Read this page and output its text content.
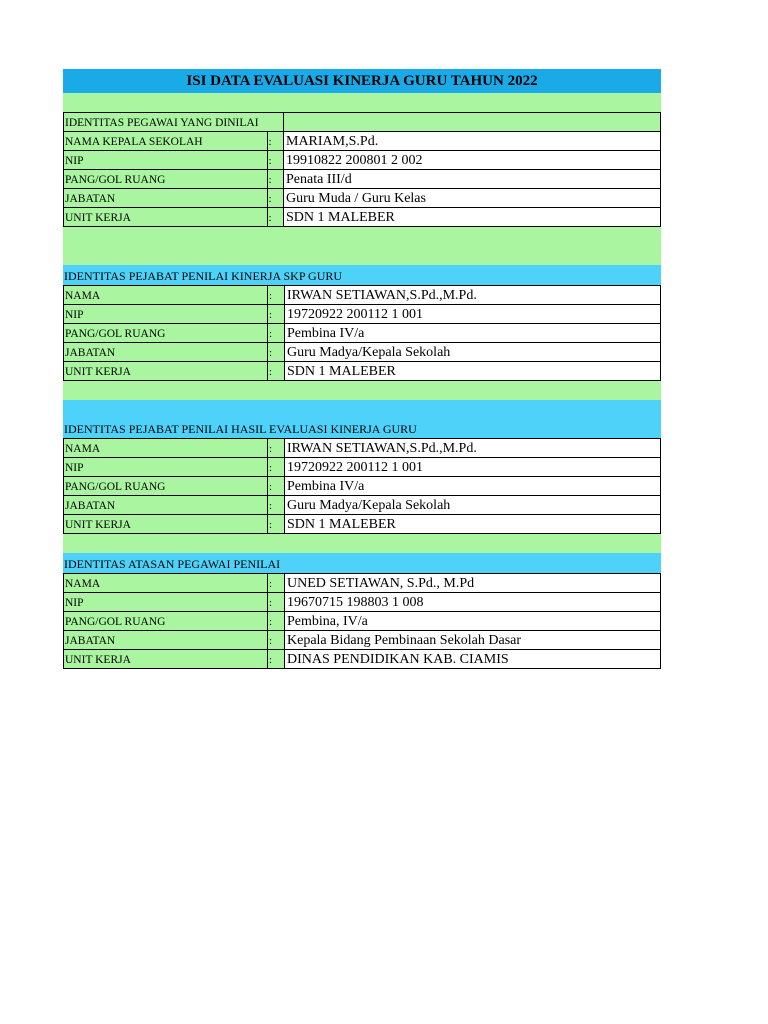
ISI DATA EVALUASI KINERJA GURU TAHUN 2022
IDENTITAS PEGAWAI YANG DINILAI		
NAMA KEPALA SEKOLAH	:	MARIAM,S.Pd.
NIP	:	19910822 200801 2 002
PANG/GOL RUANG	:	Penata III/d
JABATAN	:	Guru Muda / Guru Kelas
UNIT KERJA	:	SDN 1 MALEBER
IDENTITAS PEJABAT PENILAI KINERJA SKP GURU
NAMA	:	IRWAN SETIAWAN,S.Pd.,M.Pd.
NIP	:	19720922 200112 1 001
PANG/GOL RUANG	:	Pembina IV/a
JABATAN	:	Guru Madya/Kepala Sekolah
UNIT KERJA	:	SDN 1 MALEBER
IDENTITAS PEJABAT PENILAI HASIL EVALUASI KINERJA GURU
NAMA	:	IRWAN SETIAWAN,S.Pd.,M.Pd.
NIP	:	19720922 200112 1 001
PANG/GOL RUANG	:	Pembina IV/a
JABATAN	:	Guru Madya/Kepala Sekolah
UNIT KERJA	:	SDN 1 MALEBER
IDENTITAS ATASAN PEGAWAI PENILAI
NAMA	:	UNED SETIAWAN, S.Pd., M.Pd
NIP	:	19670715 198803 1 008
PANG/GOL RUANG	:	Pembina, IV/a
JABATAN	:	Kepala Bidang Pembinaan Sekolah Dasar
UNIT KERJA	:	DINAS PENDIDIKAN KAB. CIAMIS
